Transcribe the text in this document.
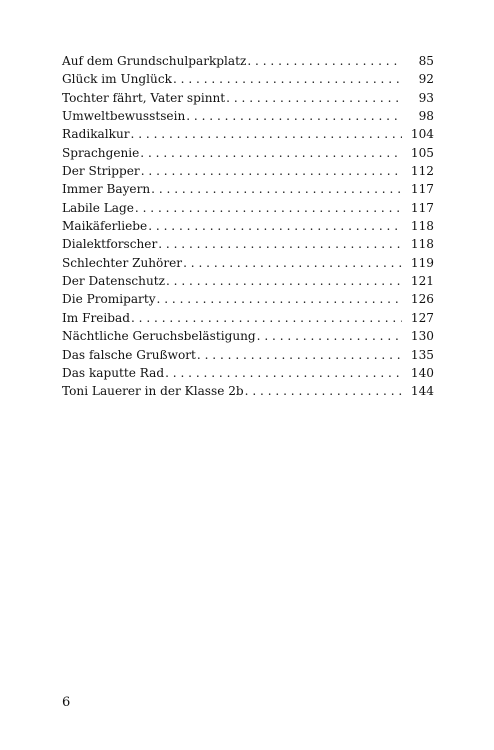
Auf dem Grundschulparkplatz . . .	85
Glück im Unglück . . .	92
Tochter fährt, Vater spinnt . . .	93
Umweltbewusstsein . . .	98
Radikalkur . . .	104
Sprachgenie . . .	105
Der Stripper . . .	112
Immer Bayern . . .	117
Labile Lage . . .	117
Maikäferliebe . . .	118
Dialektforscher . . .	118
Schlechter Zuhörer . . .	119
Der Datenschutz . . .	121
Die Promiparty . . .	126
Im Freibad . . .	127
Nächtliche Geruchsbelästigung . . .	130
Das falsche Grußwort . . .	135
Das kaputte Rad . . .	140
Toni Lauerer in der Klasse 2b . . .	144
6
